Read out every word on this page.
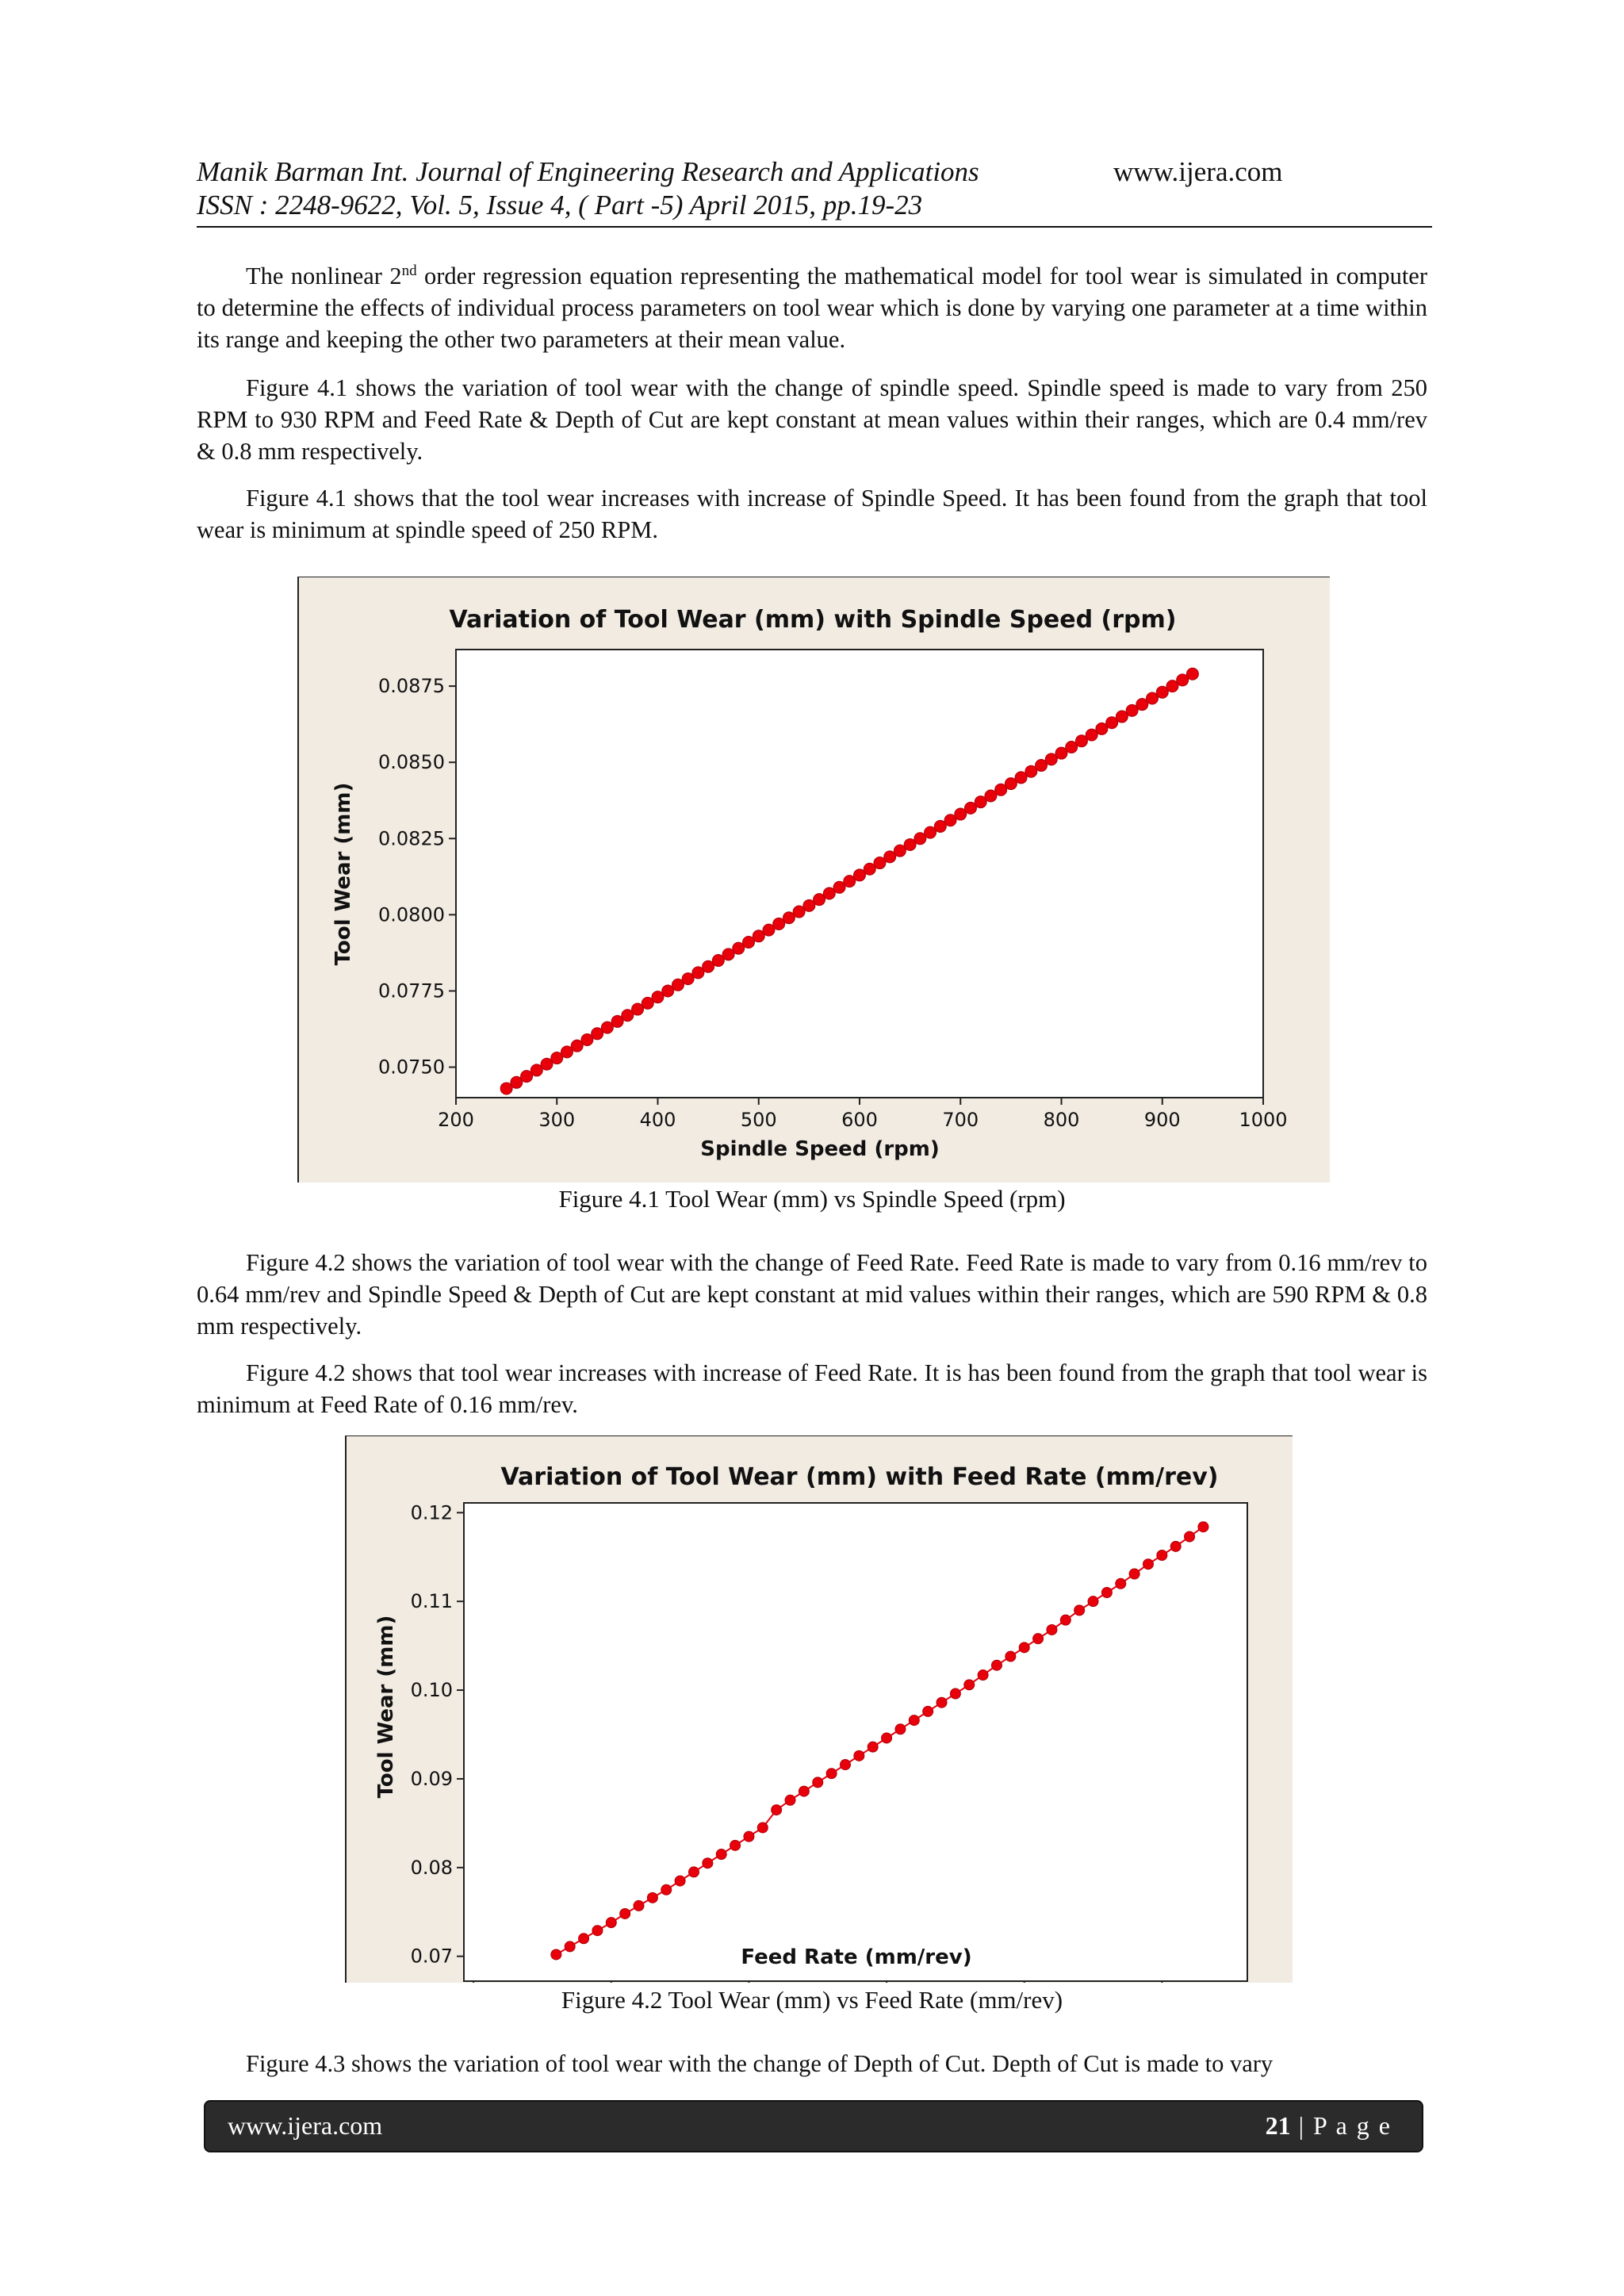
Manik Barman Int. Journal of Engineering Research and Applications	www.ijera.com
ISSN : 2248-9622, Vol. 5, Issue 4, ( Part -5) April 2015, pp.19-23

The nonlinear 2nd order regression equation representing the mathematical model for tool wear is simulated in computer to determine the effects of individual process parameters on tool wear which is done by varying one parameter at a time within its range and keeping the other two parameters at their mean value.

Figure 4.1 shows the variation of tool wear with the change of spindle speed. Spindle speed is made to vary from 250 RPM to 930 RPM and Feed Rate & Depth of Cut are kept constant at mean values within their ranges, which are 0.4 mm/rev & 0.8 mm respectively.

Figure 4.1 shows that the tool wear increases with increase of Spindle Speed. It has been found from the graph that tool wear is minimum at spindle speed of 250 RPM.

Variation of Tool Wear (mm) with Spindle Speed (rpm)
Spindle Speed (rpm)
Tool Wear (mm)
200	300	400	500	600	700	800	900	1000
0.0750
0.0775
0.0800
0.0825
0.0850
0.0875
Figure 4.1 Tool Wear (mm) vs Spindle Speed (rpm)

Figure 4.2 shows the variation of tool wear with the change of Feed Rate. Feed Rate is made to vary from 0.16 mm/rev to 0.64 mm/rev and Spindle Speed & Depth of Cut are kept constant at mid values within their ranges, which are 590 RPM & 0.8 mm respectively.

Figure 4.2 shows that tool wear increases with increase of Feed Rate. It is has been found from the graph that tool wear is minimum at Feed Rate of 0.16 mm/rev.

Variation of Tool Wear (mm) with Feed Rate (mm/rev)
Feed Rate (mm/rev)
Tool Wear (mm)
0.07
0.08
0.09
0.10
0.11
0.12
Figure 4.2 Tool Wear (mm) vs Feed Rate (mm/rev)

Figure 4.3 shows the variation of tool wear with the change of Depth of Cut. Depth of Cut is made to vary

www.ijera.com	21 | P a g e
